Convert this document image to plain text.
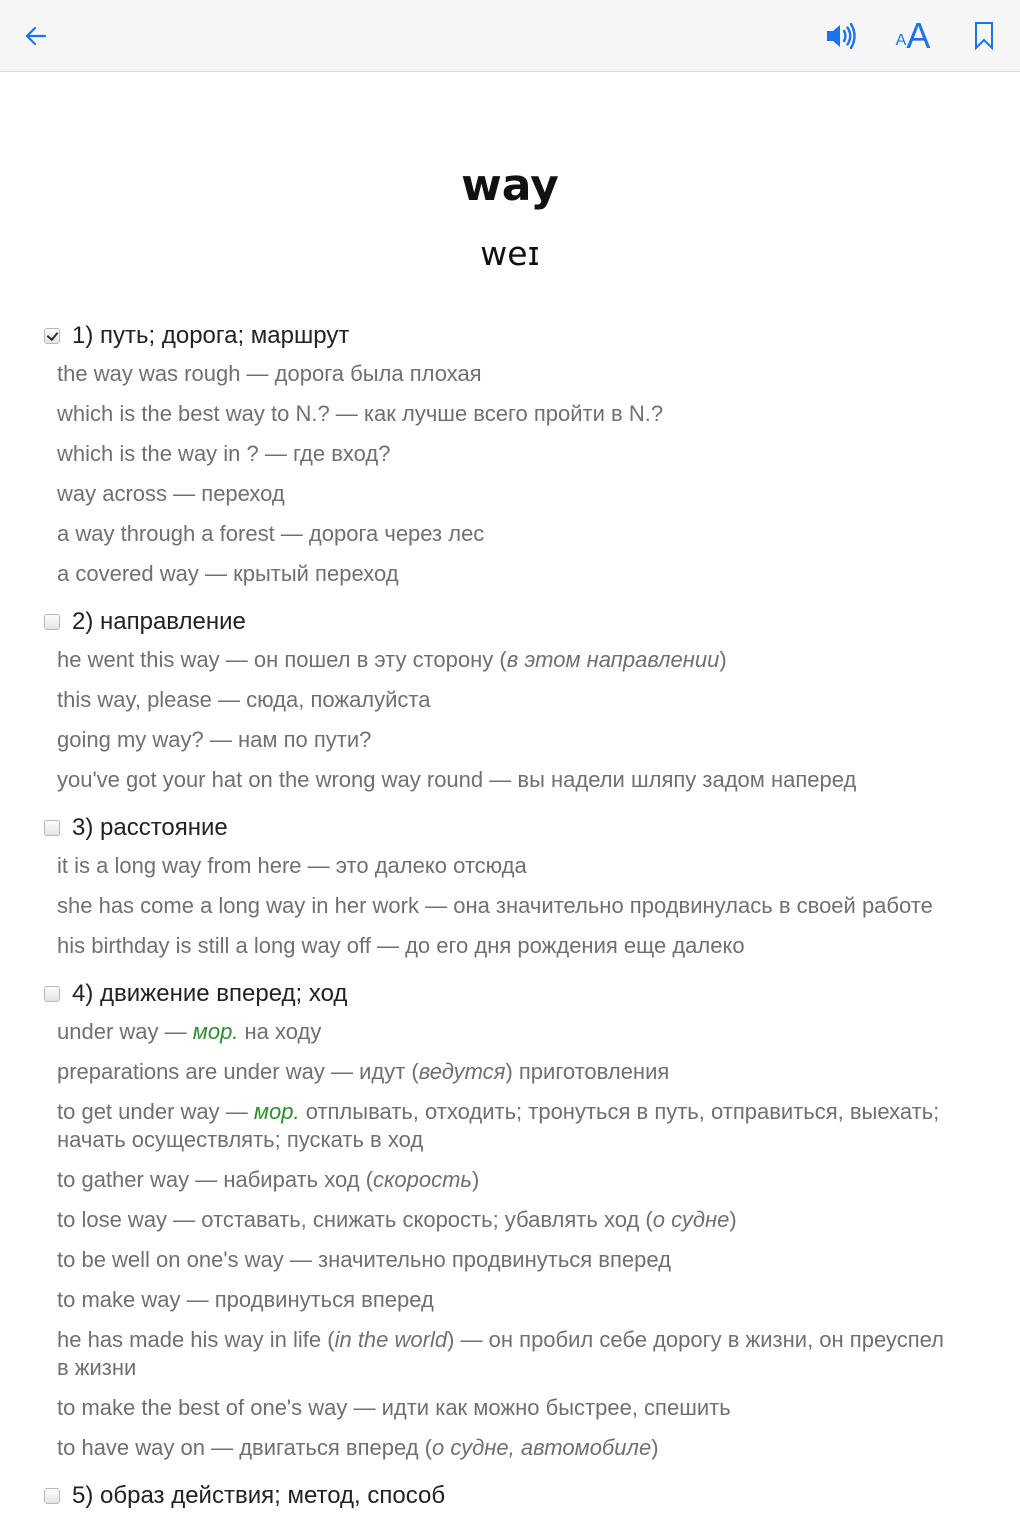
A A
way
weɪ
1) путь; дорога; маршрут
the way was rough — дорога была плохая
which is the best way to N.? — как лучше всего пройти в N.?
which is the way in ? — где вход?
way across — переход
a way through a forest — дорога через лес
a covered way — крытый переход
2) направление
he went this way — он пошел в эту сторону (в этом направлении)
this way, please — сюда, пожалуйста
going my way? — нам по пути?
you've got your hat on the wrong way round — вы надели шляпу задом наперед
3) расстояние
it is a long way from here — это далеко отсюда
she has come a long way in her work — она значительно продвинулась в своей работе
his birthday is still a long way off — до его дня рождения еще далеко
4) движение вперед; ход
under way — мор. на ходу
preparations are under way — идут (ведутся) приготовления
to get under way — мор. отплывать, отходить; тронуться в путь, отправиться, выехать; начать осуществлять; пускать в ход
to gather way — набирать ход (скорость)
to lose way — отставать, снижать скорость; убавлять ход (о судне)
to be well on one's way — значительно продвинуться вперед
to make way — продвинуться вперед
he has made his way in life (in the world) — он пробил себе дорогу в жизни, он преуспел в жизни
to make the best of one's way — идти как можно быстрее, спешить
to have way on — двигаться вперед (о судне, автомобиле)
5) образ действия; метод, способ
